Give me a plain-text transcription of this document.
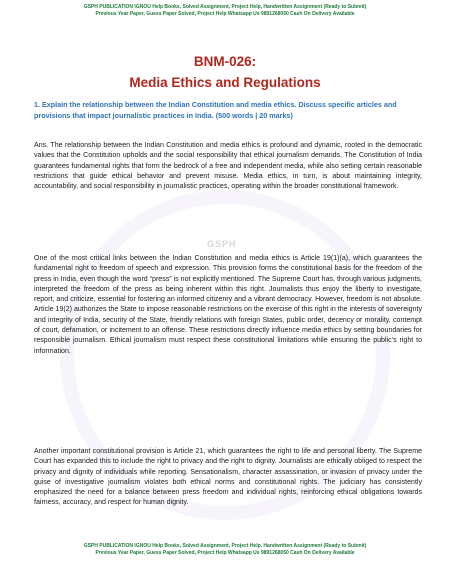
GSPH PUBLICATION IGNOU Help Books, Solved Assignment, Project Help, Handwritten Assignment (Ready to Submit)
Previous Year Paper, Guess Paper Solved, Project Help Whatsapp Us 9891268050 Cash On Delivery Available
GSPH
BNM-026:
Media Ethics and Regulations
1. Explain the relationship between the Indian Constitution and media ethics. Discuss specific articles and provisions that impact journalistic practices in India. (500 words | 20 marks)

Ans. The relationship between the Indian Constitution and media ethics is profound and dynamic, rooted in the democratic values that the Constitution upholds and the social responsibility that ethical journalism demands. The Constitution of India guarantees fundamental rights that form the bedrock of a free and independent media, while also setting certain reasonable restrictions that guide ethical behavior and prevent misuse. Media ethics, in turn, is about maintaining integrity, accountability, and social responsibility in journalistic practices, operating within the broader constitutional framework.

One of the most critical links between the Indian Constitution and media ethics is Article 19(1)(a), which guarantees the fundamental right to freedom of speech and expression. This provision forms the constitutional basis for the freedom of the press in India, even though the word “press” is not explicitly mentioned. The Supreme Court has, through various judgments, interpreted the freedom of the press as being inherent within this right. Journalists thus enjoy the liberty to investigate, report, and criticize, essential for fostering an informed citizenry and a vibrant democracy. However, freedom is not absolute. Article 19(2) authorizes the State to impose reasonable restrictions on the exercise of this right in the interests of sovereignty and integrity of India, security of the State, friendly relations with foreign States, public order, decency or morality, contempt of court, defamation, or incitement to an offense. These restrictions directly influence media ethics by setting boundaries for responsible journalism. Ethical journalism must respect these constitutional limitations while ensuring the public’s right to information.

Another important constitutional provision is Article 21, which guarantees the right to life and personal liberty. The Supreme Court has expanded this to include the right to privacy and the right to dignity. Journalists are ethically obliged to respect the privacy and dignity of individuals while reporting. Sensationalism, character assassination, or invasion of privacy under the guise of investigative journalism violates both ethical norms and constitutional rights. The judiciary has consistently emphasized the need for a balance between press freedom and individual rights, reinforcing ethical obligations towards fairness, accuracy, and respect for human dignity.

GSPH PUBLICATION IGNOU Help Books, Solved Assignment, Project Help, Handwritten Assignment (Ready to Submit)
Previous Year Paper, Guess Paper Solved, Project Help Whatsapp Us 9891268050 Cash On Delivery Available
